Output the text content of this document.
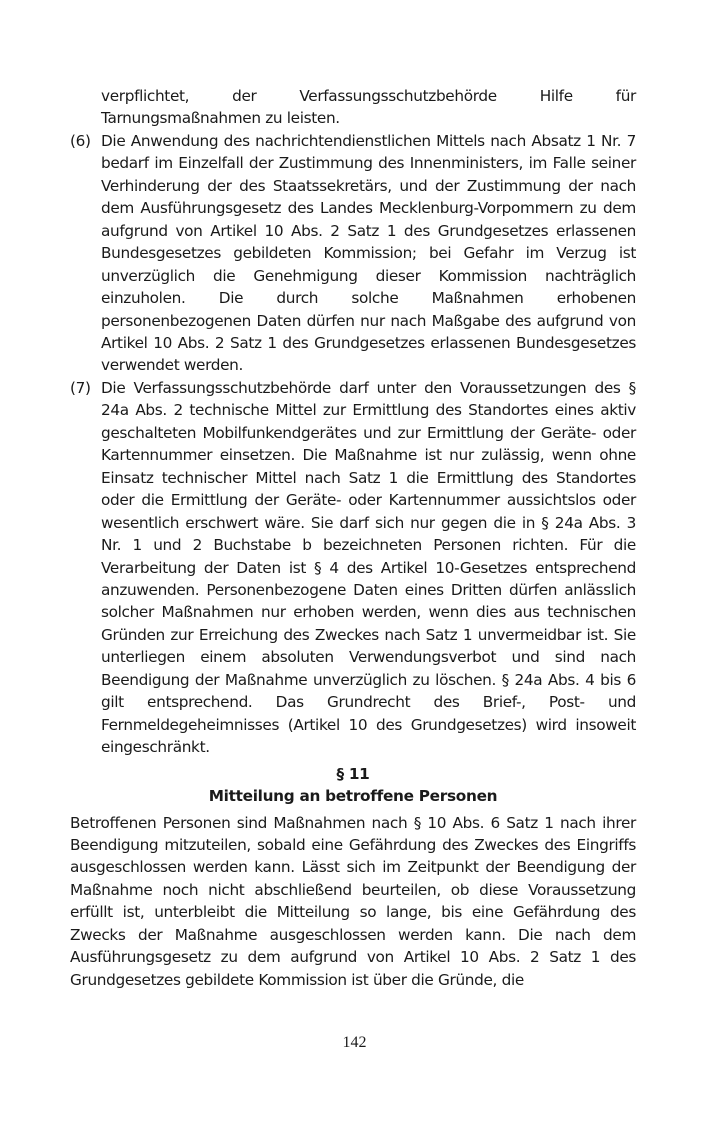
verpflichtet, der Verfassungsschutzbehörde Hilfe für Tarnungsmaßnahmen zu leisten.
(6) Die Anwendung des nachrichtendienstlichen Mittels nach Absatz 1 Nr. 7 bedarf im Einzelfall der Zustimmung des Innenministers, im Falle seiner Verhinderung der des Staatssekretärs, und der Zustimmung der nach dem Ausführungsgesetz des Landes Mecklenburg-Vorpommern zu dem aufgrund von Artikel 10 Abs. 2 Satz 1 des Grundgesetzes erlassenen Bundesgesetzes gebildeten Kommission; bei Gefahr im Verzug ist unverzüglich die Genehmigung dieser Kommission nachträglich einzuholen. Die durch solche Maßnahmen erhobenen personenbezogenen Daten dürfen nur nach Maßgabe des aufgrund von Artikel 10 Abs. 2 Satz 1 des Grundgesetzes erlassenen Bundesgesetzes verwendet werden.
(7) Die Verfassungsschutzbehörde darf unter den Voraussetzungen des § 24a Abs. 2 technische Mittel zur Ermittlung des Standortes eines aktiv geschalteten Mobilfunkendgerätes und zur Ermittlung der Geräte- oder Kartennummer einsetzen. Die Maßnahme ist nur zulässig, wenn ohne Einsatz technischer Mittel nach Satz 1 die Ermittlung des Standortes oder die Ermittlung der Geräte- oder Kartennummer aussichtslos oder wesentlich erschwert wäre. Sie darf sich nur gegen die in § 24a Abs. 3 Nr. 1 und 2 Buchstabe b bezeichneten Personen richten. Für die Verarbeitung der Daten ist § 4 des Artikel 10-Gesetzes entsprechend anzuwenden. Personenbezogene Daten eines Dritten dürfen anlässlich solcher Maßnahmen nur erhoben werden, wenn dies aus technischen Gründen zur Erreichung des Zweckes nach Satz 1 unvermeidbar ist. Sie unterliegen einem absoluten Verwendungsverbot und sind nach Beendigung der Maßnahme unverzüglich zu löschen. § 24a Abs. 4 bis 6 gilt entsprechend. Das Grundrecht des Brief-, Post- und Fernmeldegeheimnisses (Artikel 10 des Grundgesetzes) wird insoweit eingeschränkt.
§ 11
Mitteilung an betroffene Personen
Betroffenen Personen sind Maßnahmen nach § 10 Abs. 6 Satz 1 nach ihrer Beendigung mitzuteilen, sobald eine Gefährdung des Zweckes des Eingriffs ausgeschlossen werden kann. Lässt sich im Zeitpunkt der Beendigung der Maßnahme noch nicht abschließend beurteilen, ob diese Voraussetzung erfüllt ist, unterbleibt die Mitteilung so lange, bis eine Gefährdung des Zwecks der Maßnahme ausgeschlossen werden kann. Die nach dem Ausführungsgesetz zu dem aufgrund von Artikel 10 Abs. 2 Satz 1 des Grundgesetzes gebildete Kommission ist über die Gründe, die
142
